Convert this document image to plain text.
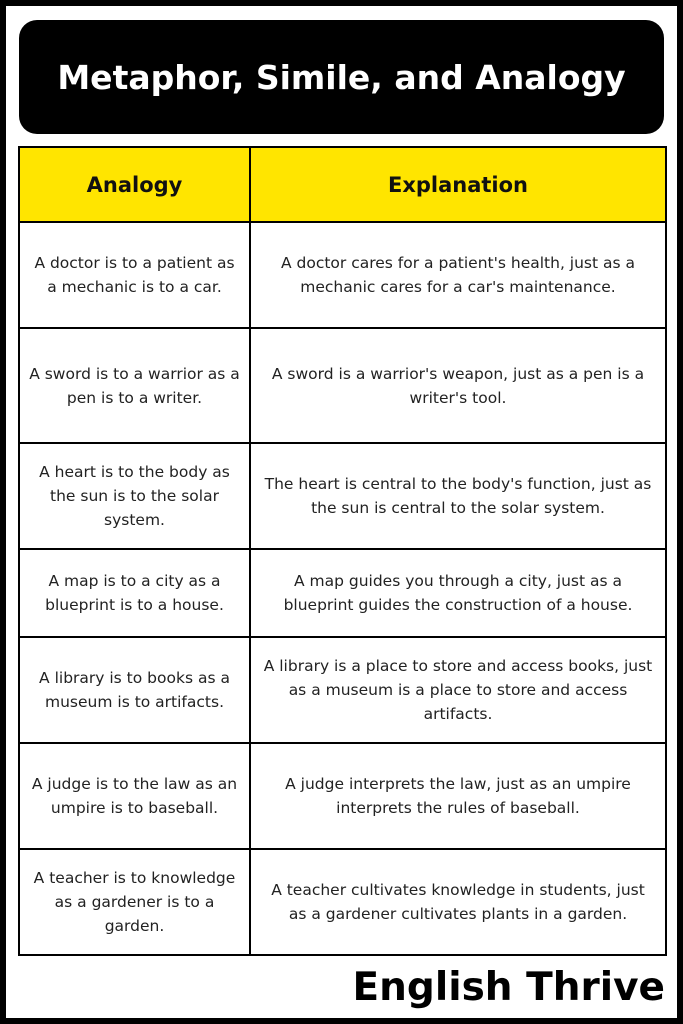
Metaphor, Simile, and Analogy
Analogy	Explanation
A doctor is to a patient as a mechanic is to a car.	A doctor cares for a patient's health, just as a mechanic cares for a car's maintenance.
A sword is to a warrior as a pen is to a writer.	A sword is a warrior's weapon, just as a pen is a writer's tool.
A heart is to the body as the sun is to the solar system.	The heart is central to the body's function, just as the sun is central to the solar system.
A map is to a city as a blueprint is to a house.	A map guides you through a city, just as a blueprint guides the construction of a house.
A library is to books as a museum is to artifacts.	A library is a place to store and access books, just as a museum is a place to store and access artifacts.
A judge is to the law as an umpire is to baseball.	A judge interprets the law, just as an umpire interprets the rules of baseball.
A teacher is to knowledge as a gardener is to a garden.	A teacher cultivates knowledge in students, just as a gardener cultivates plants in a garden.
English Thrive
